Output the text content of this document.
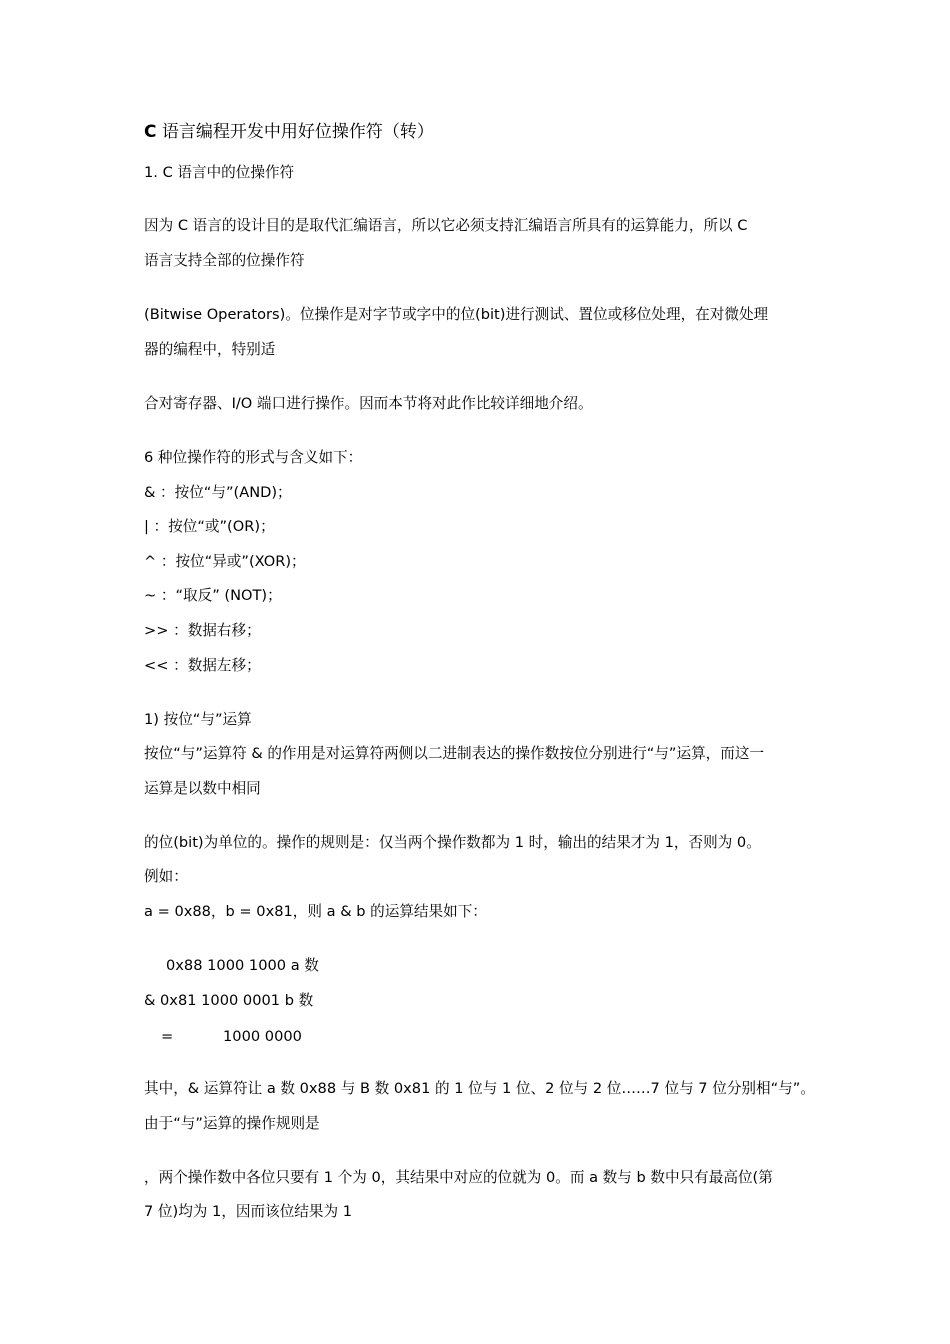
C 语言编程开发中用好位操作符（转）
1. C 语言中的位操作符
因为 C 语言的设计目的是取代汇编语言，所以它必须支持汇编语言所具有的运算能力，所以 C
语言支持全部的位操作符
(Bitwise Operators)。位操作是对字节或字中的位(bit)进行测试、置位或移位处理，在对微处理
器的编程中，特别适
合对寄存器、I/O 端口进行操作。因而本节将对此作比较详细地介绍。
6 种位操作符的形式与含义如下：
& ：按位“与”(AND)；
| ：按位“或”(OR)；
^ ：按位“异或”(XOR)；
~ ：“取反” (NOT)；
>> ：数据右移；
<< ：数据左移；
1) 按位“与”运算
按位“与”运算符 & 的作用是对运算符两侧以二进制表达的操作数按位分别进行“与”运算，而这一
运算是以数中相同
的位(bit)为单位的。操作的规则是：仅当两个操作数都为 1 时，输出的结果才为 1，否则为 0。
例如：
a = 0x88，b = 0x81，则 a & b 的运算结果如下：
0x88 1000 1000 a 数
& 0x81 1000 0001 b 数
=	1000 0000
其中，& 运算符让 a 数 0x88 与 B 数 0x81 的 1 位与 1 位、2 位与 2 位……7 位与 7 位分别相“与”。
由于“与”运算的操作规则是
，两个操作数中各位只要有 1 个为 0，其结果中对应的位就为 0。而 a 数与 b 数中只有最高位(第
7 位)均为 1，因而该位结果为 1
